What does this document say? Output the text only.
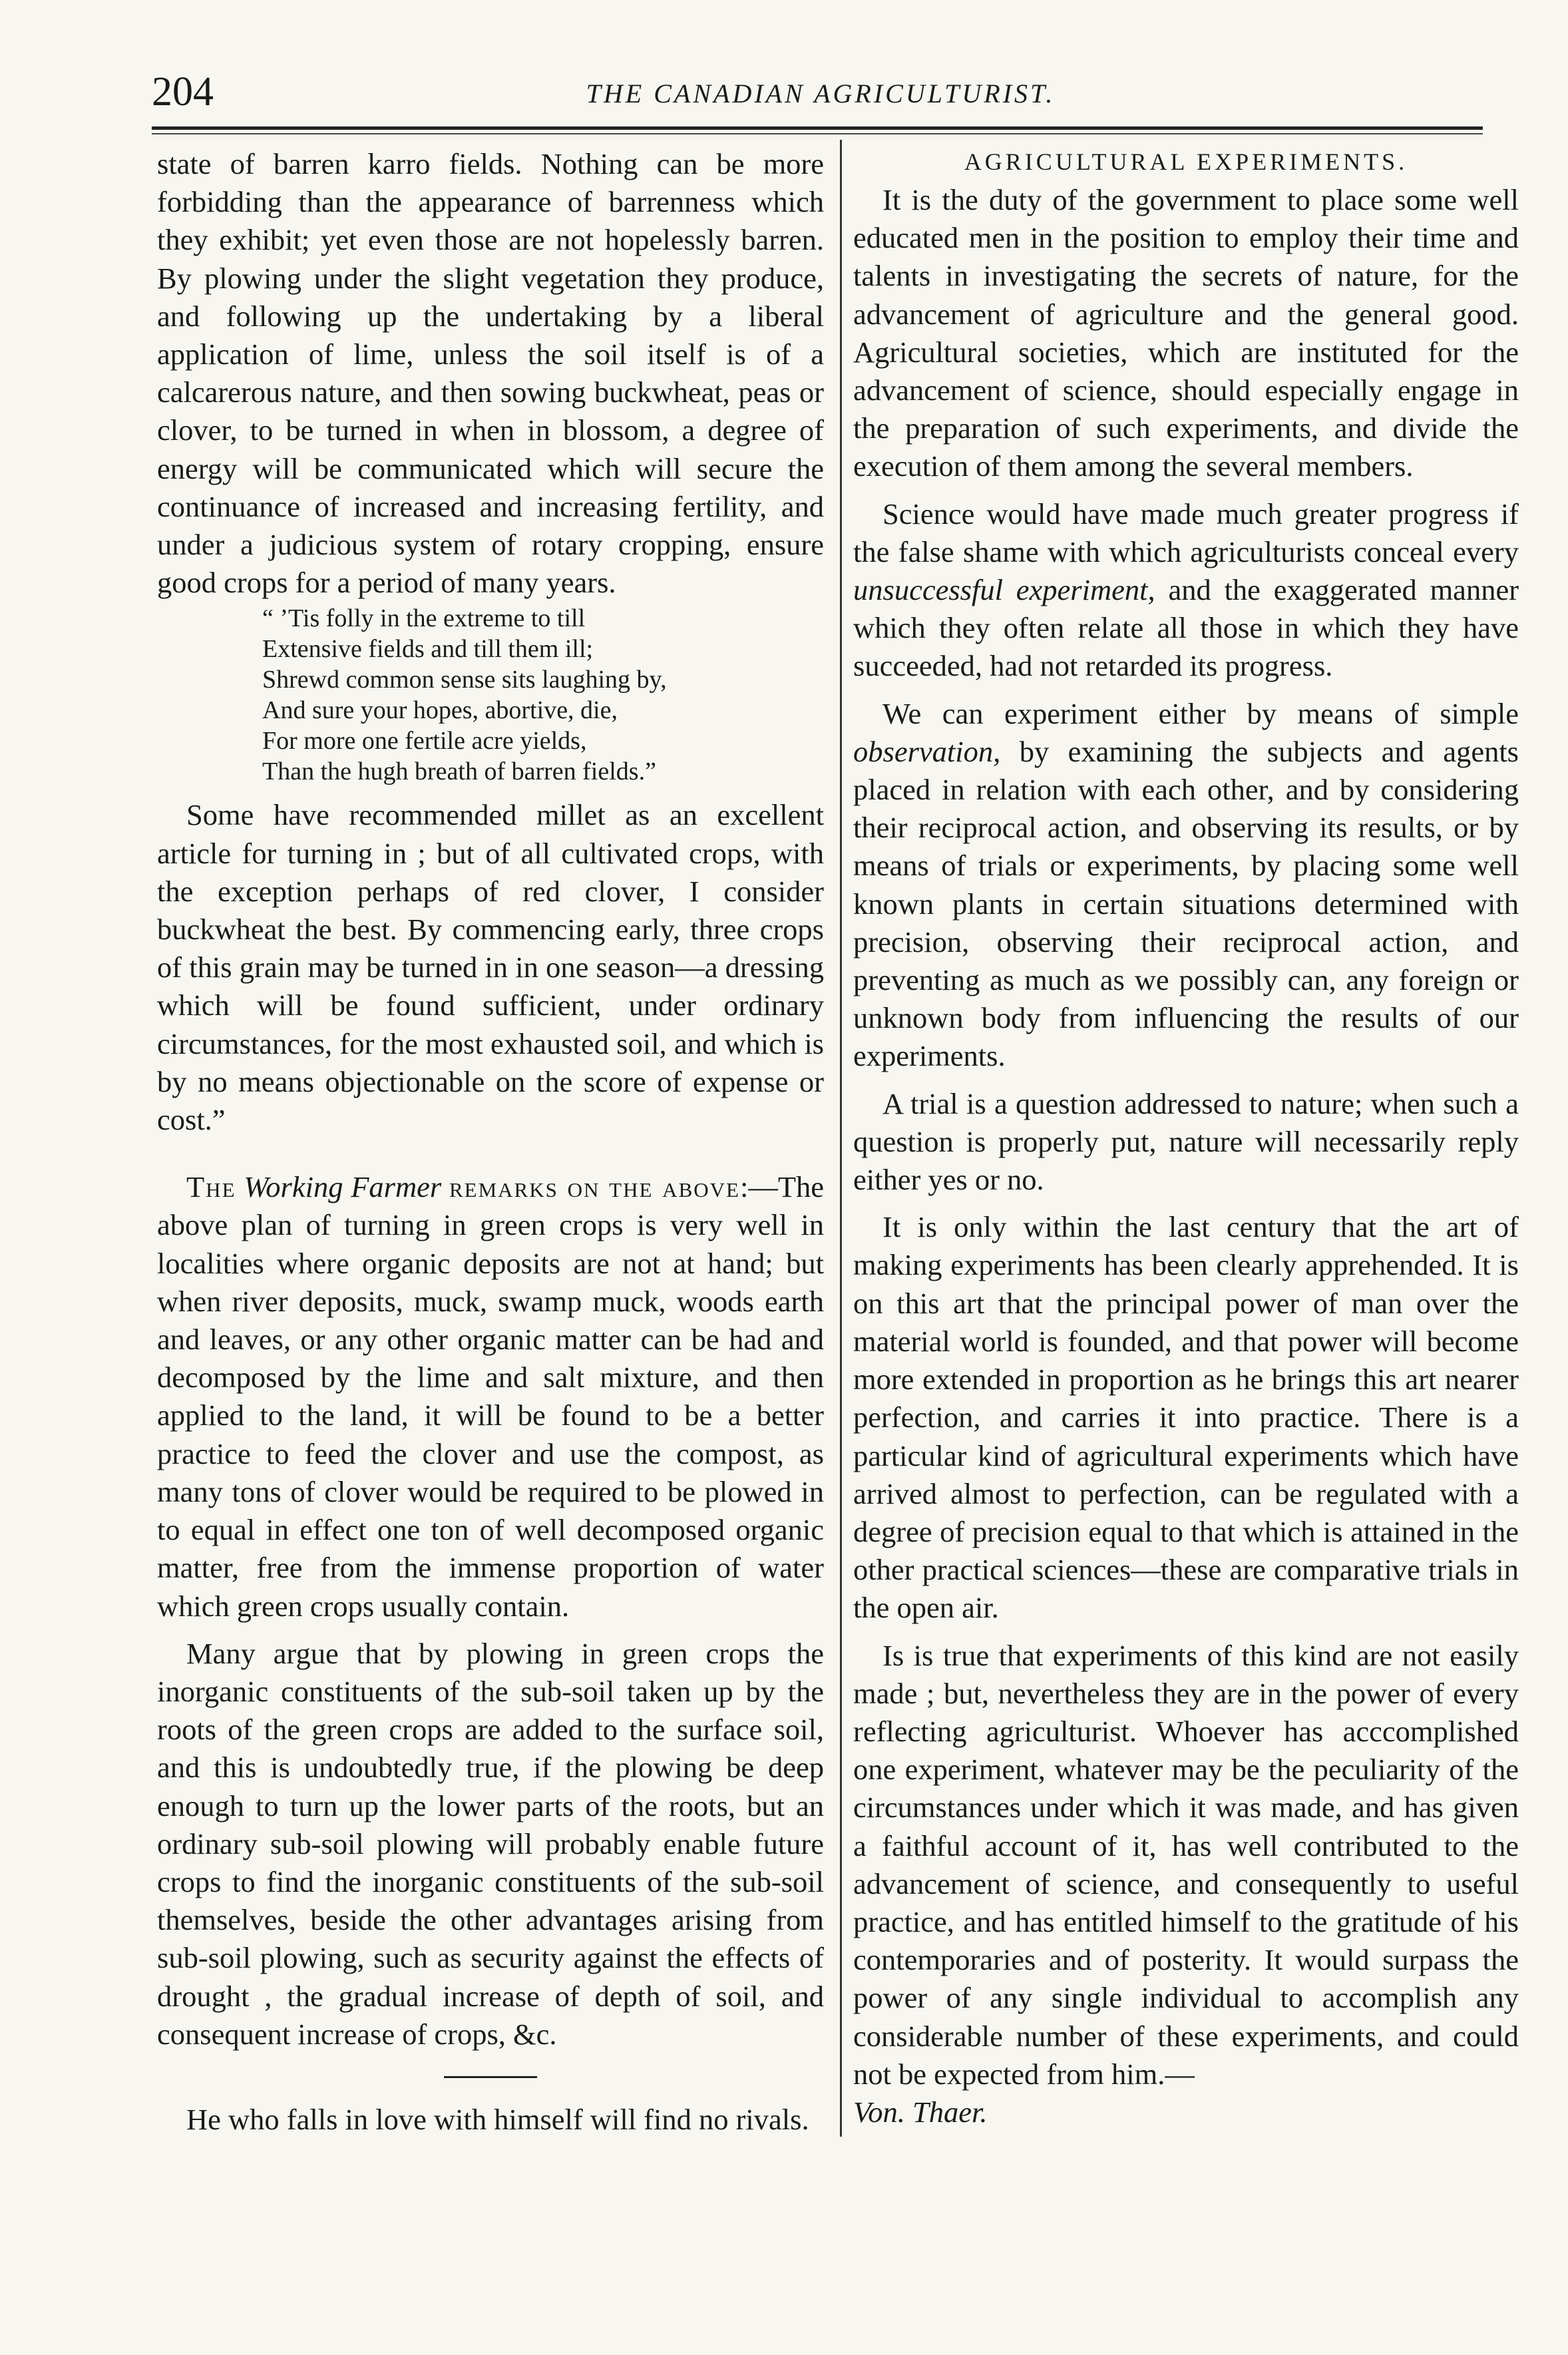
204	THE CANADIAN AGRICULTURIST.

state of barren karro fields. Nothing can be more forbidding than the appearance of barrenness which they exhibit; yet even those are not hopelessly barren. By plowing under the slight vegetation they produce, and following up the undertaking by a liberal application of lime, unless the soil itself is of a calcarerous nature, and then sowing buckwheat, peas or clover, to be turned in when in blossom, a degree of energy will be communicated which will secure the continuance of increased and increasing fertility, and under a judicious system of rotary cropping, ensure good crops for a period of many years.

“ ’Tis folly in the extreme to till
Extensive fields and till them ill;
Shrewd common sense sits laughing by,
And sure your hopes, abortive, die,
For more one fertile acre yields,
Than the hugh breath of barren fields.”

Some have recommended millet as an excellent article for turning in ; but of all cultivated crops, with the exception perhaps of red clover, I consider buckwheat the best. By commencing early, three crops of this grain may be turned in in one season—a dressing which will be found sufficient, under ordinary circumstances, for the most exhausted soil, and which is by no means objectionable on the score of expense or cost.”

The Working Farmer remarks on the above:—The above plan of turning in green crops is very well in localities where organic deposits are not at hand; but when river deposits, muck, swamp muck, woods earth and leaves, or any other organic matter can be had and decomposed by the lime and salt mixture, and then applied to the land, it will be found to be a better practice to feed the clover and use the compost, as many tons of clover would be required to be plowed in to equal in effect one ton of well decomposed organic matter, free from the immense proportion of water which green crops usually contain.

Many argue that by plowing in green crops the inorganic constituents of the sub-soil taken up by the roots of the green crops are added to the surface soil, and this is undoubtedly true, if the plowing be deep enough to turn up the lower parts of the roots, but an ordinary sub-soil plowing will probably enable future crops to find the inorganic constituents of the sub-soil themselves, beside the other advantages arising from sub-soil plowing, such as security against the effects of drought , the gradual increase of depth of soil, and consequent increase of crops, &c.

He who falls in love with himself will find no rivals.

AGRICULTURAL EXPERIMENTS.

It is the duty of the government to place some well educated men in the position to employ their time and talents in investigating the secrets of nature, for the advancement of agriculture and the general good. Agricultural societies, which are instituted for the advancement of science, should especially engage in the preparation of such experiments, and divide the execution of them among the several members.

Science would have made much greater progress if the false shame with which agriculturists conceal every unsuccessful experiment, and the exaggerated manner which they often relate all those in which they have succeeded, had not retarded its progress.

We can experiment either by means of simple observation, by examining the subjects and agents placed in relation with each other, and by considering their reciprocal action, and observing its results, or by means of trials or experiments, by placing some well known plants in certain situations determined with precision, observing their reciprocal action, and preventing as much as we possibly can, any foreign or unknown body from influencing the results of our experiments.

A trial is a question addressed to nature; when such a question is properly put, nature will necessarily reply either yes or no.

It is only within the last century that the art of making experiments has been clearly apprehended. It is on this art that the principal power of man over the material world is founded, and that power will become more extended in proportion as he brings this art nearer perfection, and carries it into practice. There is a particular kind of agricultural experiments which have arrived almost to perfection, can be regulated with a degree of precision equal to that which is attained in the other practical sciences—these are comparative trials in the open air.

Is is true that experiments of this kind are not easily made ; but, nevertheless they are in the power of every reflecting agriculturist. Whoever has acccomplished one experiment, whatever may be the peculiarity of the circumstances under which it was made, and has given a faithful account of it, has well contributed to the advancement of science, and consequently to useful practice, and has entitled himself to the gratitude of his contemporaries and of posterity. It would surpass the power of any single individual to accomplish any considerable number of these experiments, and could not be expected from him.—

Von. Thaer.
